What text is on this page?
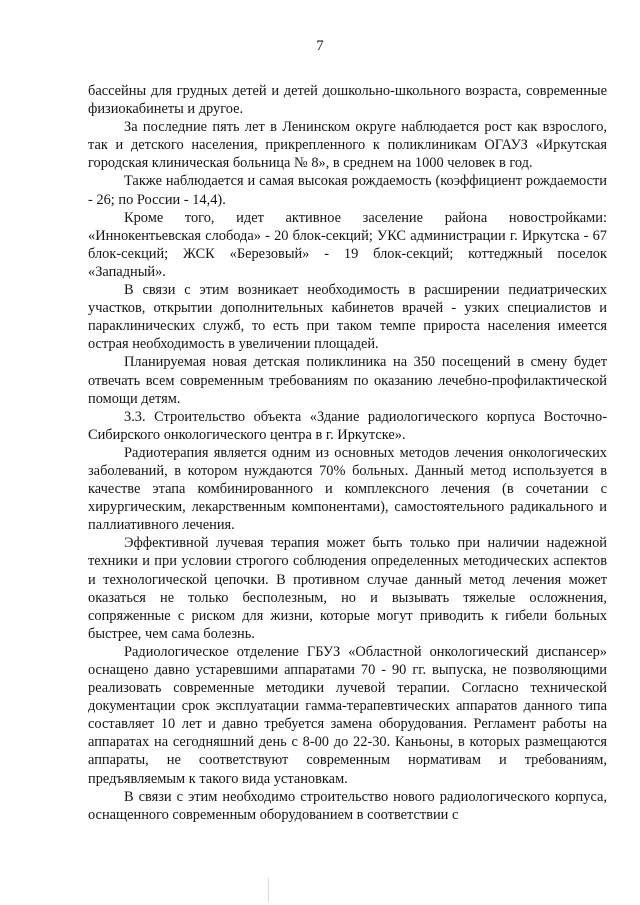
7

бассейны для грудных детей и детей дошкольно-школьного возраста, современные физиокабинеты и другое.

За последние пять лет в Ленинском округе наблюдается рост как взрослого, так и детского населения, прикрепленного к поликлиникам ОГАУЗ «Иркутская городская клиническая больница № 8», в среднем на 1000 человек в год.

Также наблюдается и самая высокая рождаемость (коэффициент рождаемости - 26; по России - 14,4).

Кроме того, идет активное заселение района новостройками: «Иннокентьевская слобода» - 20 блок-секций; УКС администрации г. Иркутска - 67 блок-секций; ЖСК «Березовый» - 19 блок-секций; коттеджный поселок «Западный».

В связи с этим возникает необходимость в расширении педиатрических участков, открытии дополнительных кабинетов врачей - узких специалистов и параклинических служб, то есть при таком темпе прироста населения имеется острая необходимость в увеличении площадей.

Планируемая новая детская поликлиника на 350 посещений в смену будет отвечать всем современным требованиям по оказанию лечебно-профилактической помощи детям.

3.3. Строительство объекта «Здание радиологического корпуса Восточно-Сибирского онкологического центра в г. Иркутске».

Радиотерапия является одним из основных методов лечения онкологических заболеваний, в котором нуждаются 70% больных. Данный метод используется в качестве этапа комбинированного и комплексного лечения (в сочетании с хирургическим, лекарственным компонентами), самостоятельного радикального и паллиативного лечения.

Эффективной лучевая терапия может быть только при наличии надежной техники и при условии строгого соблюдения определенных методических аспектов и технологической цепочки. В противном случае данный метод лечения может оказаться не только бесполезным, но и вызывать тяжелые осложнения, сопряженные с риском для жизни, которые могут приводить к гибели больных быстрее, чем сама болезнь.

Радиологическое отделение ГБУЗ «Областной онкологический диспансер» оснащено давно устаревшими аппаратами 70 - 90 гг. выпуска, не позволяющими реализовать современные методики лучевой терапии. Согласно технической документации срок эксплуатации гамма-терапевтических аппаратов данного типа составляет 10 лет и давно требуется замена оборудования. Регламент работы на аппаратах на сегодняшний день с 8-00 до 22-30. Каньоны, в которых размещаются аппараты, не соответствуют современным нормативам и требованиям, предъявляемым к такого вида установкам.

В связи с этим необходимо строительство нового радиологического корпуса, оснащенного современным оборудованием в соответствии с
